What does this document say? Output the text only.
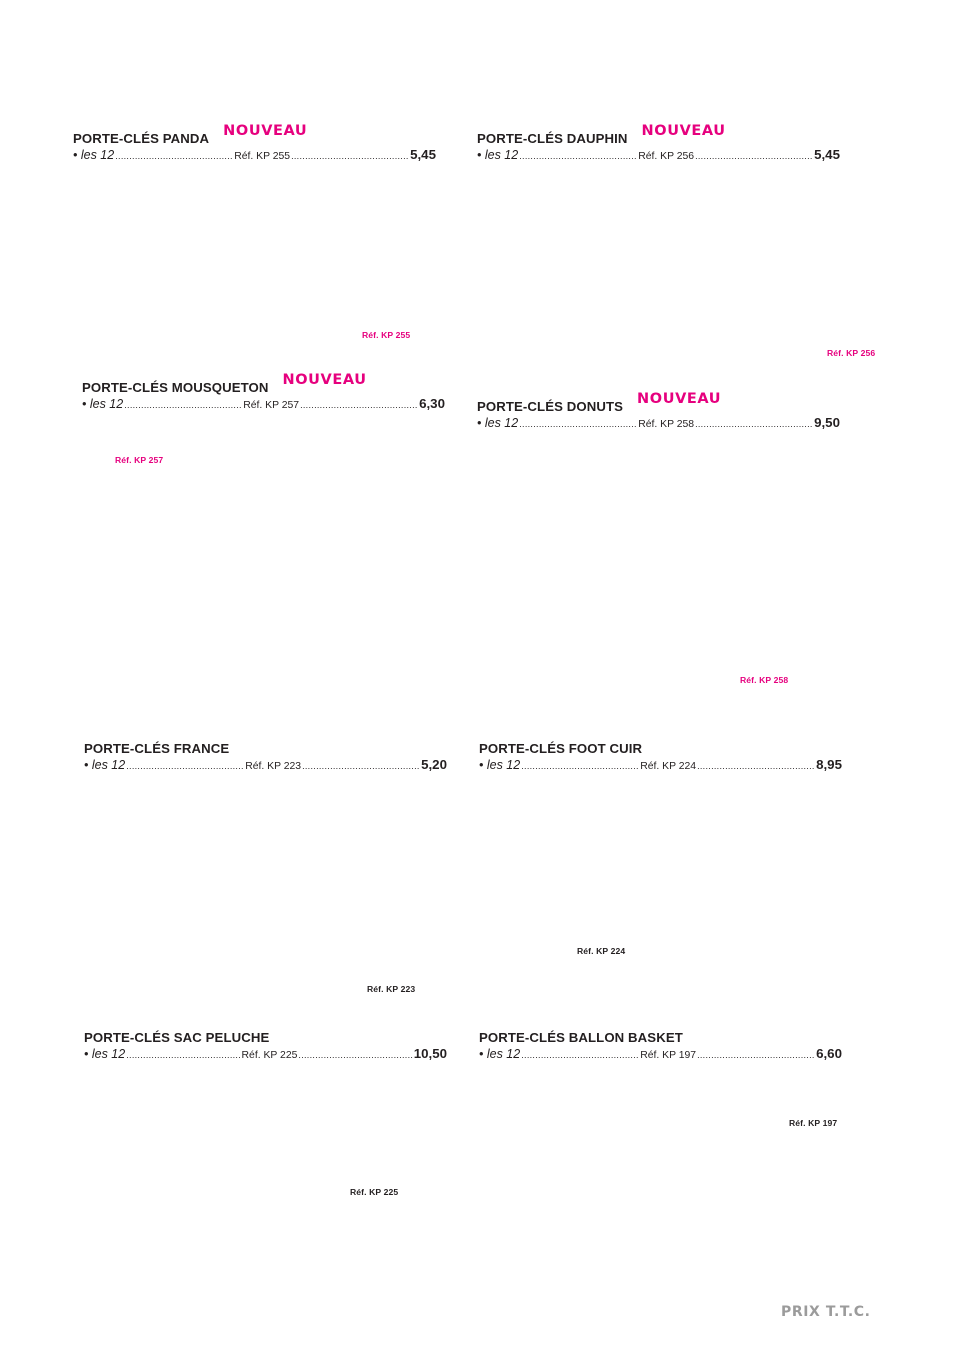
PORTE-CLÉS PANDA NOUVEAU
• les 12 .....	Réf. KP 255 .....	5,45
Réf. KP 255
PORTE-CLÉS DAUPHIN NOUVEAU
• les 12 .....	Réf. KP 256 .....	5,45
Réf. KP 256
PORTE-CLÉS MOUSQUETON NOUVEAU
• les 12 .....	Réf. KP 257 .....	6,30
Réf. KP 257
PORTE-CLÉS DONUTS NOUVEAU
• les 12 .....	Réf. KP 258 .....	9,50
Réf. KP 258
PORTE-CLÉS FRANCE
• les 12 .....	Réf. KP 223 .....	5,20
Réf. KP 223
PORTE-CLÉS FOOT CUIR
• les 12 .....	Réf. KP 224 .....	8,95
Réf. KP 224
PORTE-CLÉS SAC PELUCHE
• les 12 .....	Réf. KP 225 .....	10,50
Réf. KP 225
PORTE-CLÉS BALLON BASKET
• les 12 .....	Réf. KP 197 .....	6,60
Réf. KP 197
PRIX T.T.C.
